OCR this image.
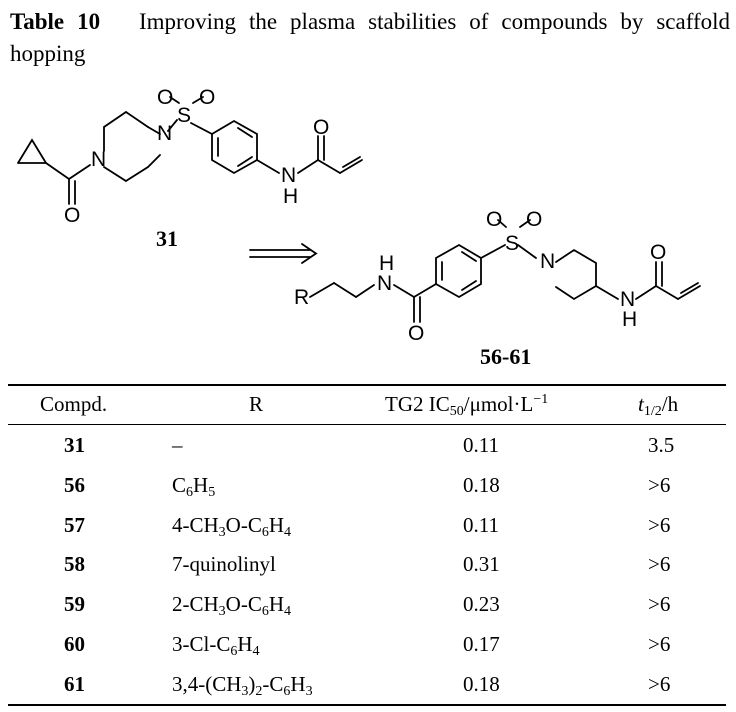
Table 10 Improving the plasma stabilities of compounds by scaffold hopping
S
O O
N
N
O
N
H
O
R
N
H
O
S
O O
N
N
H
O
31
56-61
Compd.	R	TG2 $IC_{50}/\mu mol\cdot L^{-1}$	$t_{1/2}/h$
31	–	0.11	3.5
56	$C_6H_5$	0.18	>6
57	$4-CH_3O-C_6H_4$	0.11	>6
58	7-quinolinyl	0.31	>6
59	$2-CH_3O-C_6H_4$	0.23	>6
60	$3-Cl-C_6H_4$	0.17	>6
61	$3,4-(CH_3)_2-C_6H_3$	0.18	>6
